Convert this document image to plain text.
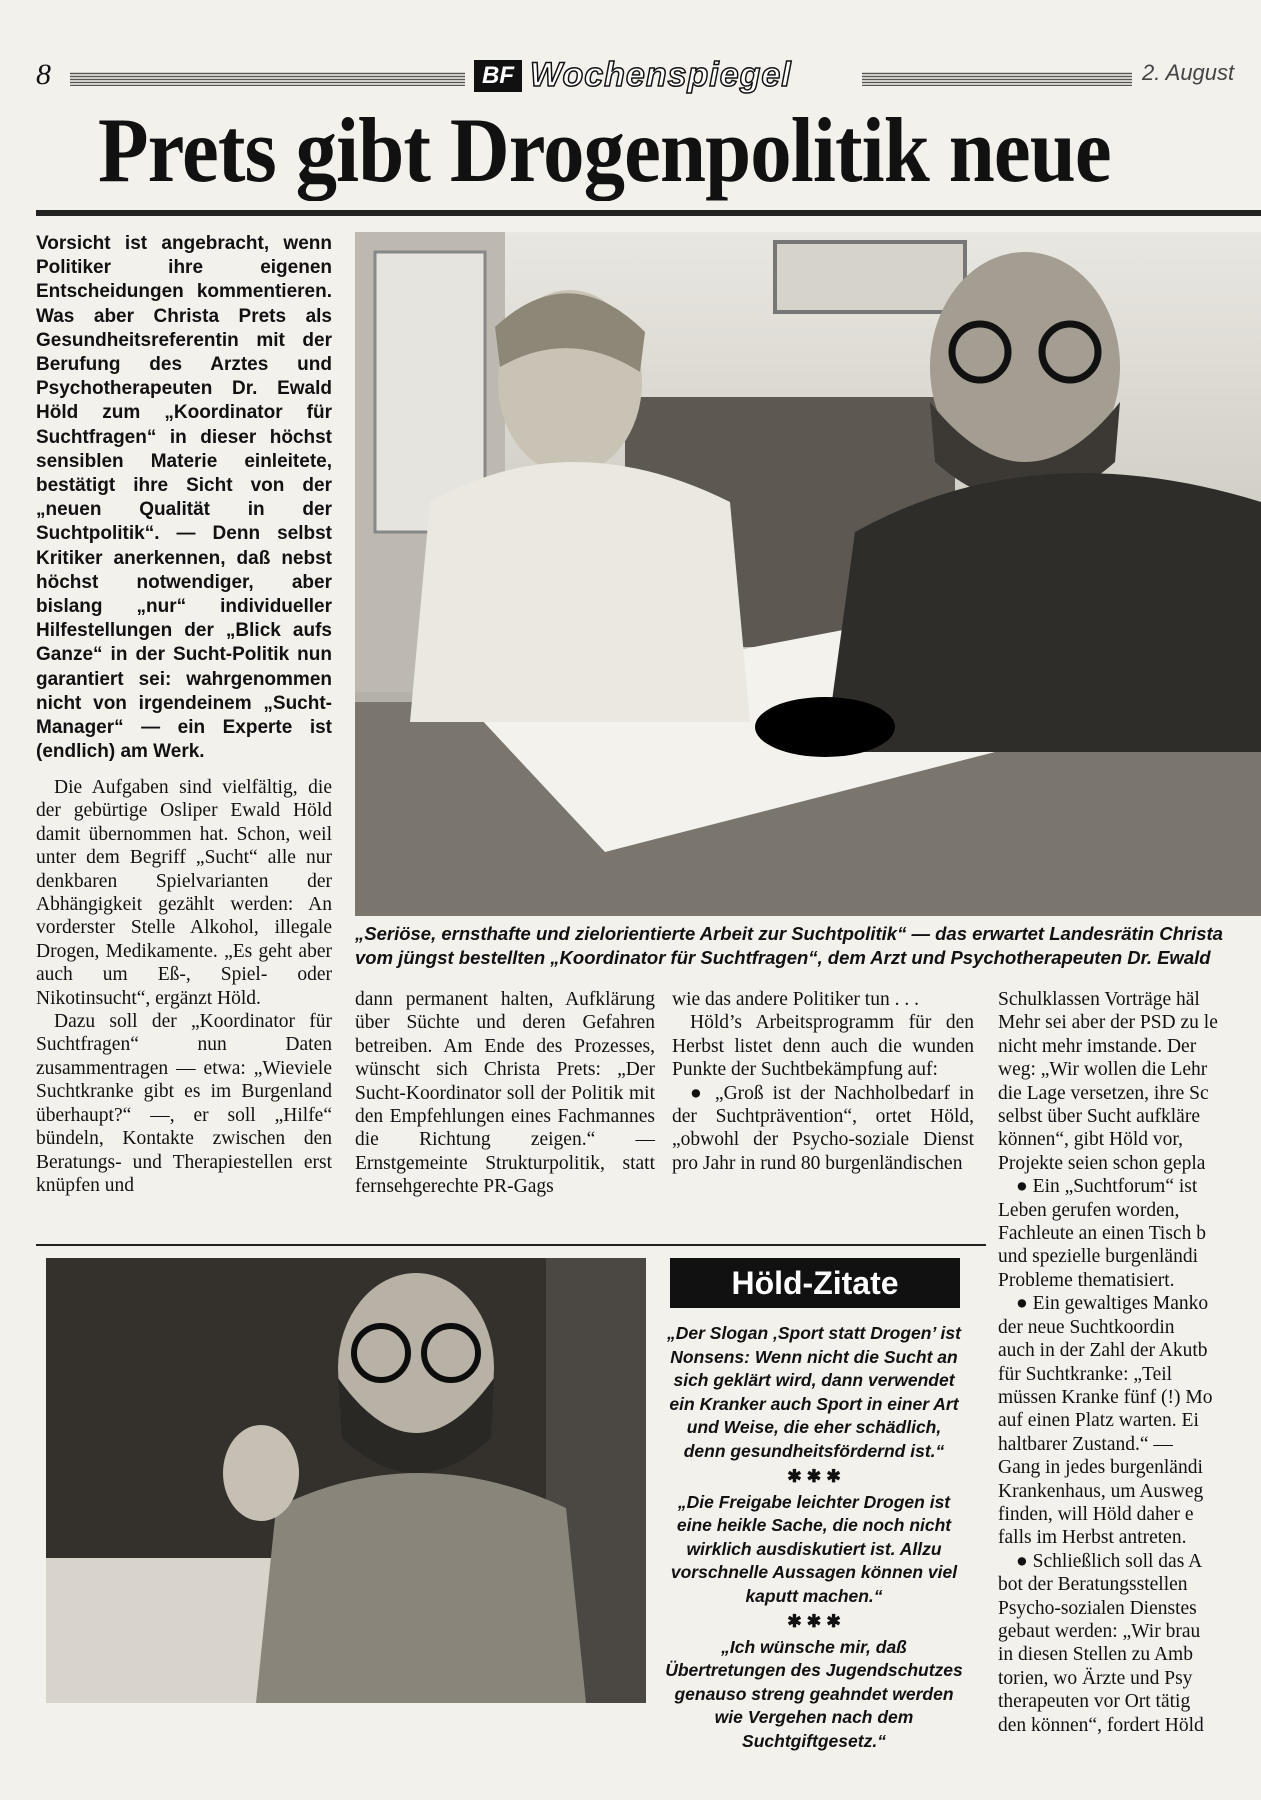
8	BF Wochenspiegel	2. August
Prets gibt Drogenpolitik neue
Vorsicht ist angebracht, wenn Politiker ihre eigenen Entscheidungen kommentieren. Was aber Christa Prets als Gesundheitsreferentin mit der Berufung des Arztes und Psychotherapeuten Dr. Ewald Höld zum „Koordinator für Suchtfragen“ in dieser höchst sensiblen Materie einleitete, bestätigt ihre Sicht von der „neuen Qualität in der Suchtpolitik“. — Denn selbst Kritiker anerkennen, daß nebst höchst notwendiger, aber bislang „nur“ individueller Hilfestellungen der „Blick aufs Ganze“ in der Sucht-Politik nun garantiert sei: wahrgenommen nicht von irgendeinem „Sucht-Manager“ — ein Experte ist (endlich) am Werk.
„Seriöse, ernsthafte und zielorientierte Arbeit zur Suchtpolitik“ — das erwartet Landesrätin Christa
vom jüngst bestellten „Koordinator für Suchtfragen“, dem Arzt und Psychotherapeuten Dr. Ewald

Die Aufgaben sind vielfältig, die der gebürtige Osliper Ewald Höld damit übernommen hat. Schon, weil unter dem Begriff „Sucht“ alle nur denkbaren Spielvarianten der Abhängigkeit gezählt werden: An vorderster Stelle Alkohol, illegale Drogen, Medikamente. „Es geht aber auch um Eß-, Spiel- oder Nikotinsucht“, ergänzt Höld.

Dazu soll der „Koordinator für Suchtfragen“ nun Daten zusammentragen — etwa: „Wieviele Suchtkranke gibt es im Burgenland überhaupt?“ —, er soll „Hilfe“ bündeln, Kontakte zwischen den Beratungs- und Therapiestellen erst knüpfen und

dann permanent halten, Aufklärung über Süchte und deren Gefahren betreiben. Am Ende des Prozesses, wünscht sich Christa Prets: „Der Sucht-Koordinator soll der Politik mit den Empfehlungen eines Fachmannes die Richtung zeigen.“ — Ernstgemeinte Strukturpolitik, statt fernsehgerechte PR-Gags

wie das andere Politiker tun . . .

Höld’s Arbeitsprogramm für den Herbst listet denn auch die wunden Punkte der Suchtbekämpfung auf:

● „Groß ist der Nachholbedarf in der Suchtprävention“, ortet Höld, „obwohl der Psycho-soziale Dienst pro Jahr in rund 80 burgenländischen

Schulklassen Vorträge häl
Mehr sei aber der PSD zu le
nicht mehr imstande. Der
weg: „Wir wollen die Lehr
die Lage versetzen, ihre Sc
selbst über Sucht aufkläre
können“, gibt Höld vor,
Projekte seien schon gepla
● Ein „Suchtforum“ ist
Leben gerufen worden,
Fachleute an einen Tisch b
und spezielle burgenländi
Probleme thematisiert.
● Ein gewaltiges Manko
der neue Suchtkoordin
auch in der Zahl der Akutb
für Suchtkranke: „Teil
müssen Kranke fünf (!) Mo
auf einen Platz warten. Ei
haltbarer Zustand.“ —
Gang in jedes burgenländi
Krankenhaus, um Ausweg
finden, will Höld daher e
falls im Herbst antreten.
● Schließlich soll das A
bot der Beratungsstellen
Psycho-sozialen Dienstes
gebaut werden: „Wir brau
in diesen Stellen zu Amb
torien, wo Ärzte und Psy
therapeuten vor Ort tätig
den können“, fordert Höld
Höld-Zitate

„Der Slogan ‚Sport statt Drogen’ ist Nonsens: Wenn nicht die Sucht an sich geklärt wird, dann verwendet ein Kranker auch Sport in einer Art und Weise, die eher schädlich, denn gesundheitsfördernd ist.“

✱ ✱ ✱

„Die Freigabe leichter Drogen ist eine heikle Sache, die noch nicht wirklich ausdiskutiert ist. Allzu vorschnelle Aussagen können viel kaputt machen.“

✱ ✱ ✱

„Ich wünsche mir, daß Übertretungen des Jugendschutzes genauso streng geahndet werden wie Vergehen nach dem Suchtgiftgesetz.“
